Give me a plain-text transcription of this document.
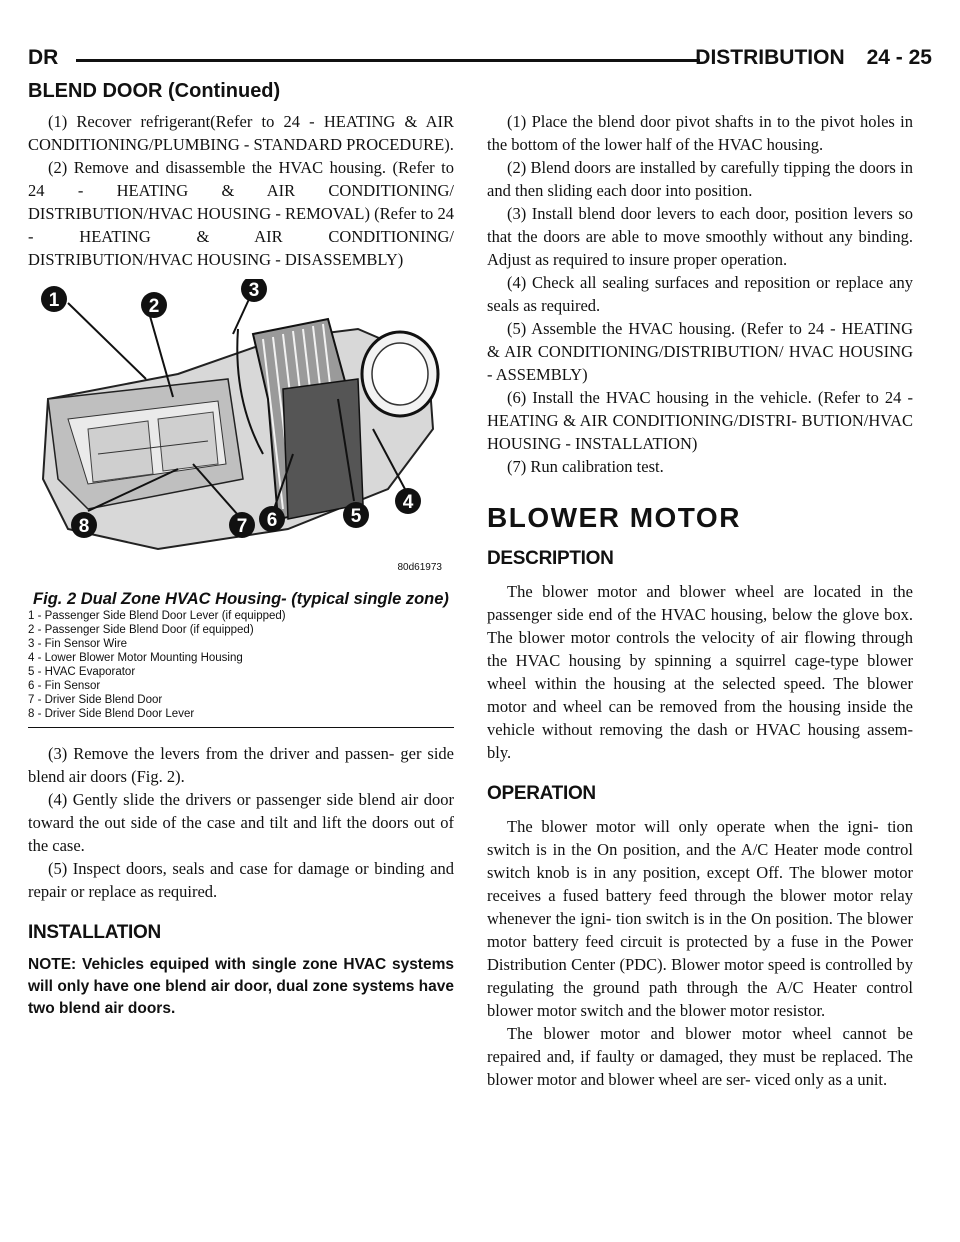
DR	DISTRIBUTION 24 - 25
BLEND DOOR (Continued)

(1) Recover refrigerant(Refer to 24 - HEATING & AIR CONDITIONING/PLUMBING - STANDARD PROCEDURE).

(2) Remove and disassemble the HVAC housing. (Refer to 24 - HEATING & AIR CONDITIONING/ DISTRIBUTION/HVAC HOUSING - REMOVAL) (Refer to 24 - HEATING & AIR CONDITIONING/ DISTRIBUTION/HVAC HOUSING - DISASSEMBLY)

1	2
3
4
5
6
7
8
80d61973

Fig. 2 Dual Zone HVAC Housing- (typical single zone)

1 - Passenger Side Blend Door Lever (if equipped)
2 - Passenger Side Blend Door (if equipped)
3 - Fin Sensor Wire
4 - Lower Blower Motor Mounting Housing
5 - HVAC Evaporator
6 - Fin Sensor
7 - Driver Side Blend Door
8 - Driver Side Blend Door Lever

(3) Remove the levers from the driver and passen- ger side blend air doors (Fig. 2).

(4) Gently slide the drivers or passenger side blend air door toward the out side of the case and tilt and lift the doors out of the case.

(5) Inspect doors, seals and case for damage or binding and repair or replace as required.

INSTALLATION

NOTE: Vehicles equiped with single zone HVAC systems will only have one blend air door, dual zone systems have two blend air doors.

(1) Place the blend door pivot shafts in to the pivot holes in the bottom of the lower half of the HVAC housing.

(2) Blend doors are installed by carefully tipping the doors in and then sliding each door into position.

(3) Install blend door levers to each door, position levers so that the doors are able to move smoothly without any binding. Adjust as required to insure proper operation.

(4) Check all sealing surfaces and reposition or replace any seals as required.

(5) Assemble the HVAC housing. (Refer to 24 - HEATING & AIR CONDITIONING/DISTRIBUTION/ HVAC HOUSING - ASSEMBLY)

(6) Install the HVAC housing in the vehicle. (Refer to 24 - HEATING & AIR CONDITIONING/DISTRI- BUTION/HVAC HOUSING - INSTALLATION)

(7) Run calibration test.

BLOWER MOTOR
DESCRIPTION

The blower motor and blower wheel are located in the passenger side end of the HVAC housing, below the glove box. The blower motor controls the velocity of air flowing through the HVAC housing by spinning a squirrel cage-type blower wheel within the housing at the selected speed. The blower motor and wheel can be removed from the housing inside the vehicle without removing the dash or HVAC housing assem- bly.

OPERATION

The blower motor will only operate when the igni- tion switch is in the On position, and the A/C Heater mode control switch knob is in any position, except Off. The blower motor receives a fused battery feed through the blower motor relay whenever the igni- tion switch is in the On position. The blower motor battery feed circuit is protected by a fuse in the Power Distribution Center (PDC). Blower motor speed is controlled by regulating the ground path through the A/C Heater control blower motor switch and the blower motor resistor.

The blower motor and blower motor wheel cannot be repaired and, if faulty or damaged, they must be replaced. The blower motor and blower wheel are ser- viced only as a unit.
